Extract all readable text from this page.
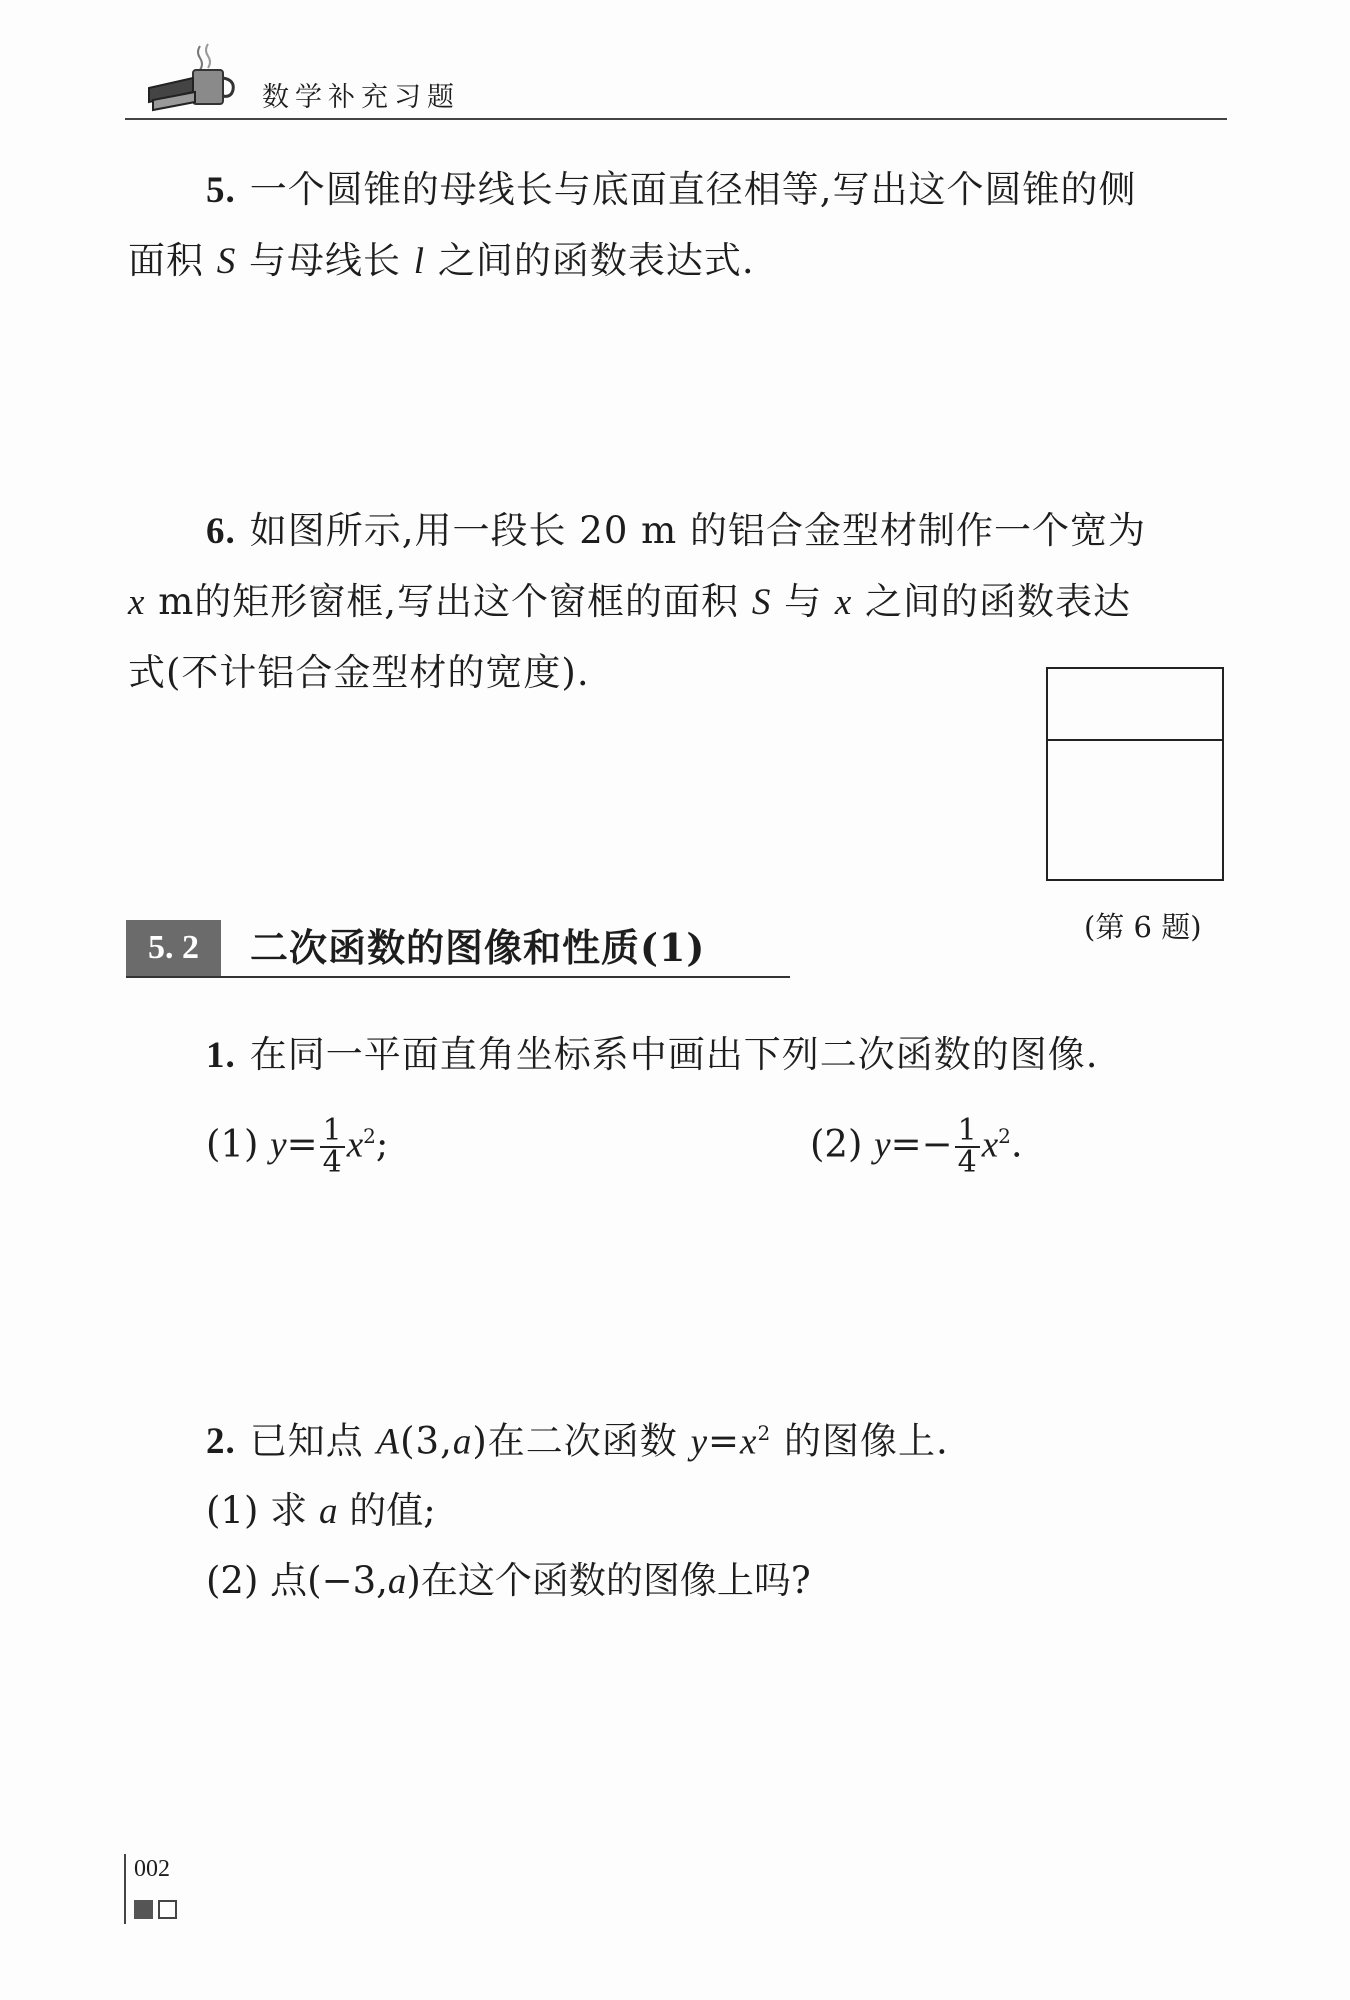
数学补充习题

5. 一个圆锥的母线长与底面直径相等,写出这个圆锥的侧

面积 S 与母线长 l 之间的函数表达式.

6. 如图所示,用一段长 20 m 的铝合金型材制作一个宽为

x m的矩形窗框,写出这个窗框的面积 S 与 x 之间的函数表达

式(不计铝合金型材的宽度).

(第 6 题)
5. 2	二次函数的图像和性质(1)

1. 在同一平面直角坐标系中画出下列二次函数的图像.

(1) $y= \frac{1}{4} x^2$;	(2) $y=- \frac{1}{4} x^2$.

2. 已知点 A(3,a)在二次函数 $y=x^2$ 的图像上.

(1) 求 a 的值;
(2) 点(−3,a)在这个函数的图像上吗?
002
